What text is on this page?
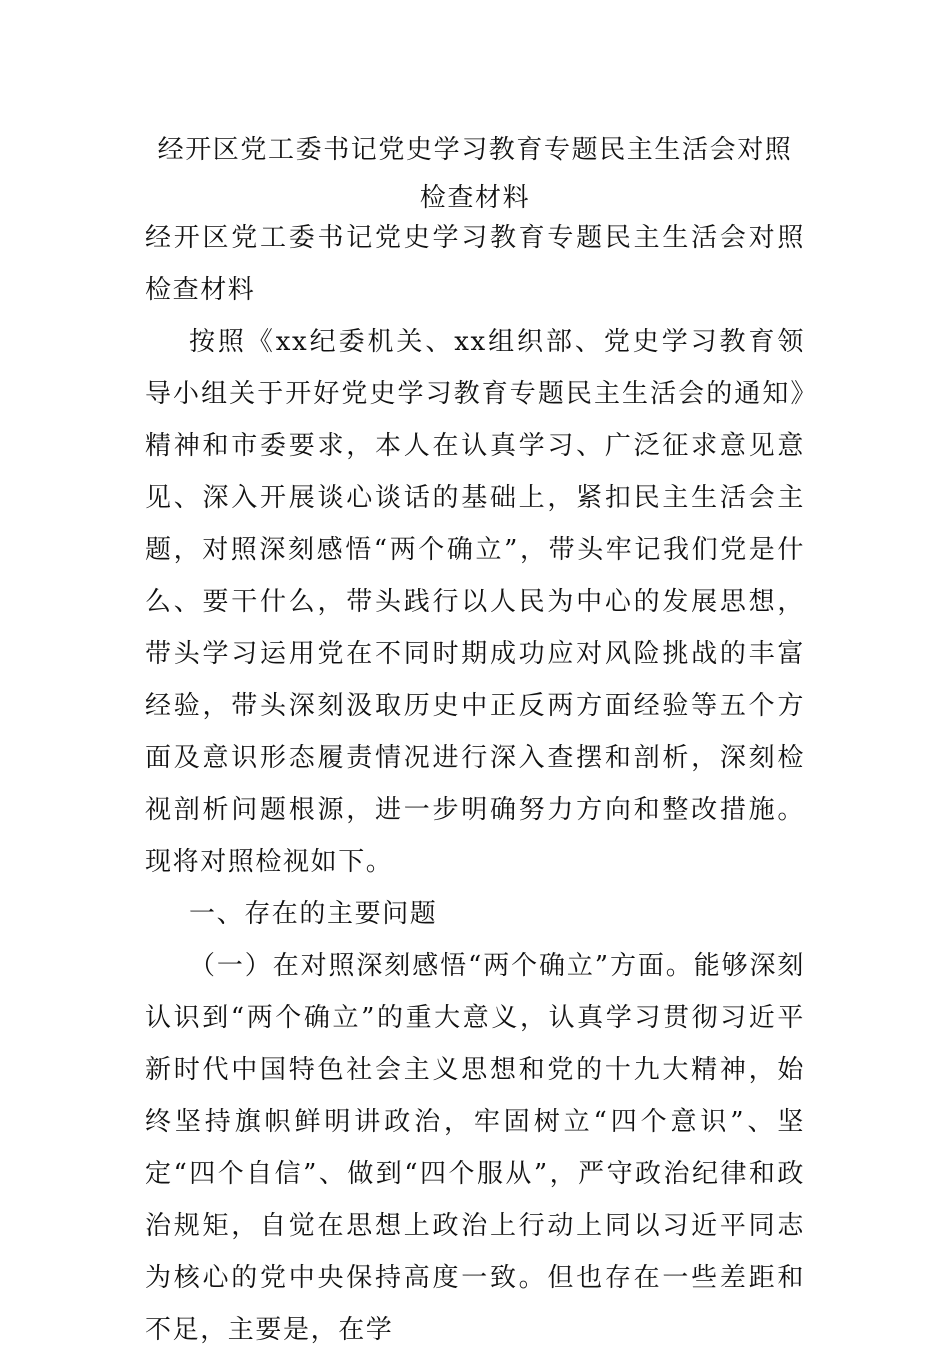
经开区党工委书记党史学习教育专题民主生活会对照检查材料

经开区党工委书记党史学习教育专题民主生活会对照检查材料

按照《xx纪委机关、xx组织部、党史学习教育领导小组关于开好党史学习教育专题民主生活会的通知》精神和市委要求，本人在认真学习、广泛征求意见意见、深入开展谈心谈话的基础上，紧扣民主生活会主题，对照深刻感悟“两个确立”，带头牢记我们党是什么、要干什么，带头践行以人民为中心的发展思想，带头学习运用党在不同时期成功应对风险挑战的丰富经验，带头深刻汲取历史中正反两方面经验等五个方面及意识形态履责情况进行深入查摆和剖析，深刻检视剖析问题根源，进一步明确努力方向和整改措施。现将对照检视如下。

一、存在的主要问题

（一）在对照深刻感悟“两个确立”方面。能够深刻认识到“两个确立”的重大意义，认真学习贯彻习近平新时代中国特色社会主义思想和党的十九大精神，始终坚持旗帜鲜明讲政治，牢固树立“四个意识”、坚定“四个自信”、做到“四个服从”，严守政治纪律和政治规矩，自觉在思想上政治上行动上同以习近平同志为核心的党中央保持高度一致。但也存在一些差距和不足，主要是，在学
